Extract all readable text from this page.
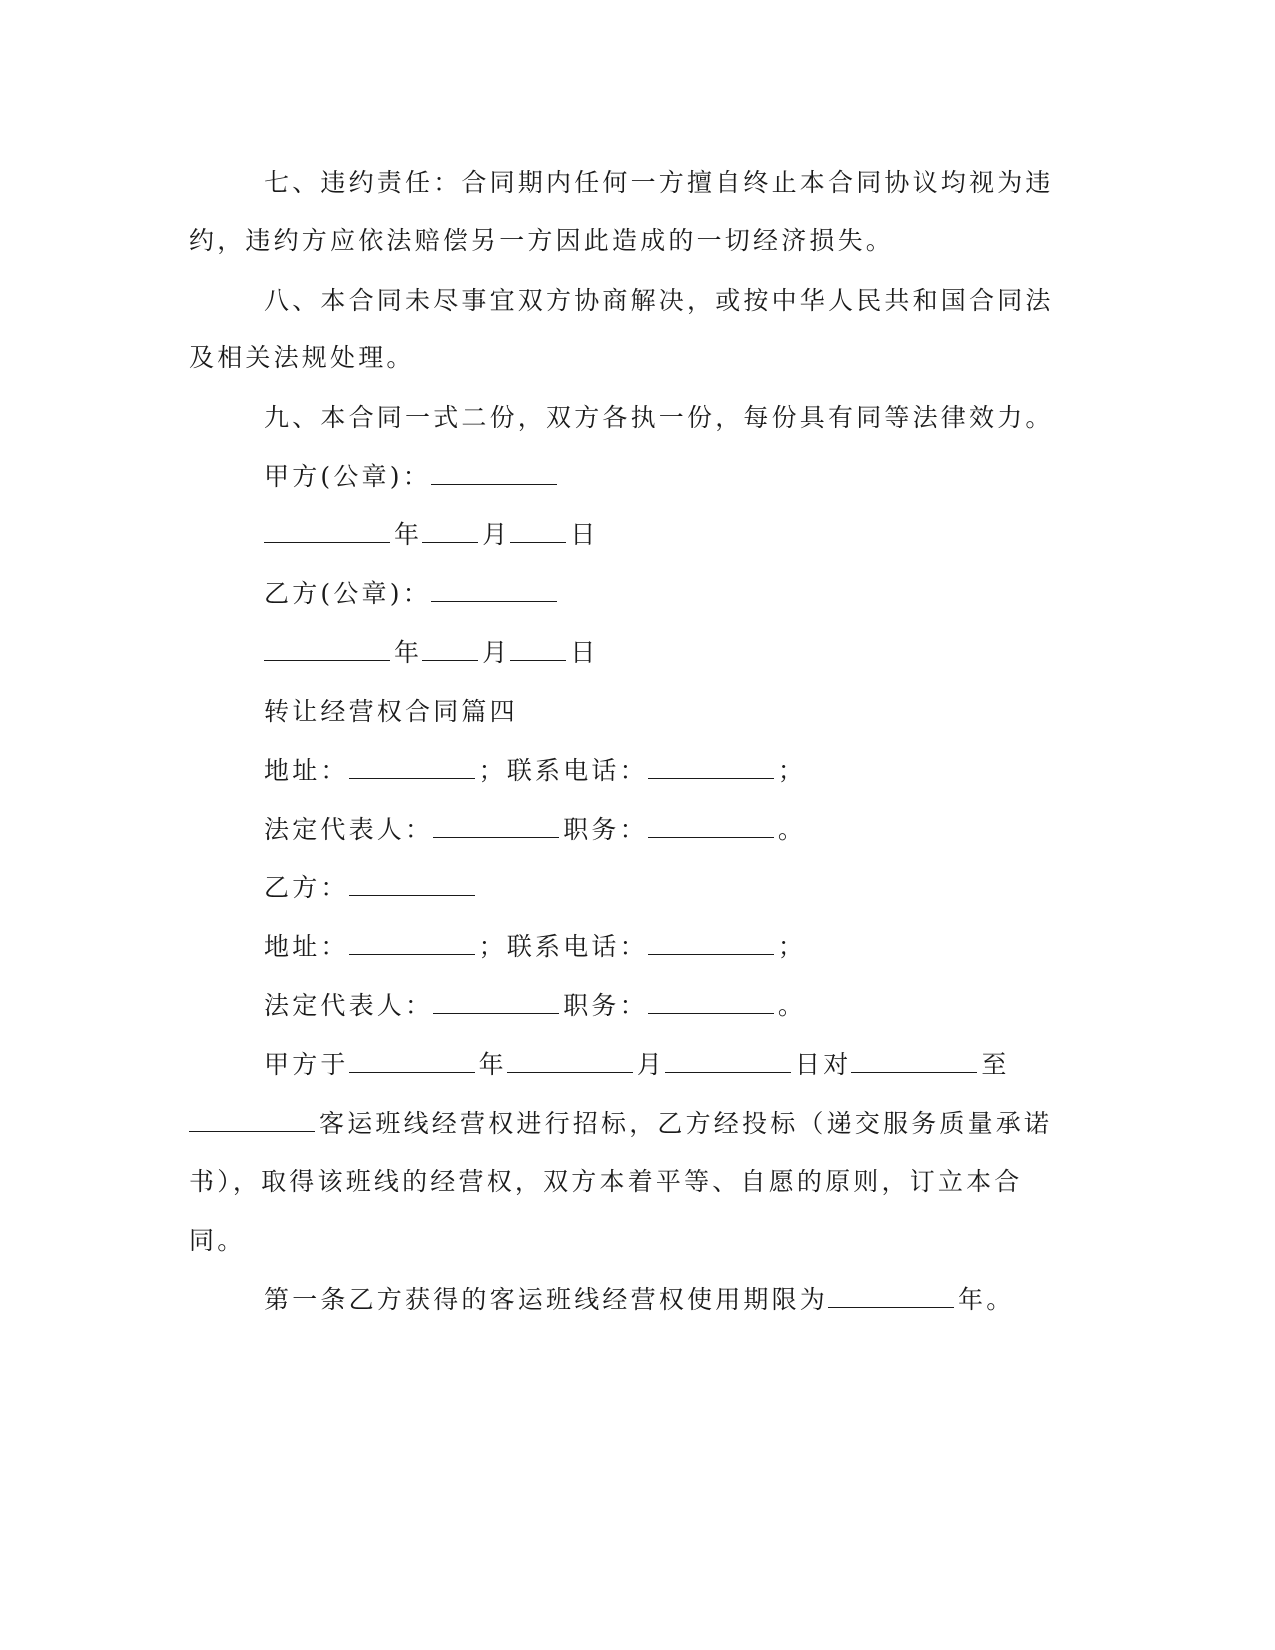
七、违约责任：合同期内任何一方擅自终止本合同协议均视为违
约，违约方应依法赔偿另一方因此造成的一切经济损失。
八、本合同未尽事宜双方协商解决，或按中华人民共和国合同法
及相关法规处理。
九、本合同一式二份，双方各执一份，每份具有同等法律效力。
甲方(公章)：
年 月 日
乙方(公章)：
年 月 日
转让经营权合同篇四
地址：	；联系电话：	；
法定代表人：	职务：	。
乙方：
地址：	；联系电话：	；
法定代表人：	职务：	。
甲方于	年	月	日对	至
客运班线经营权进行招标，乙方经投标（递交服务质量承诺
书），取得该班线的经营权，双方本着平等、自愿的原则，订立本合
同。
第一条乙方获得的客运班线经营权使用期限为	年。
